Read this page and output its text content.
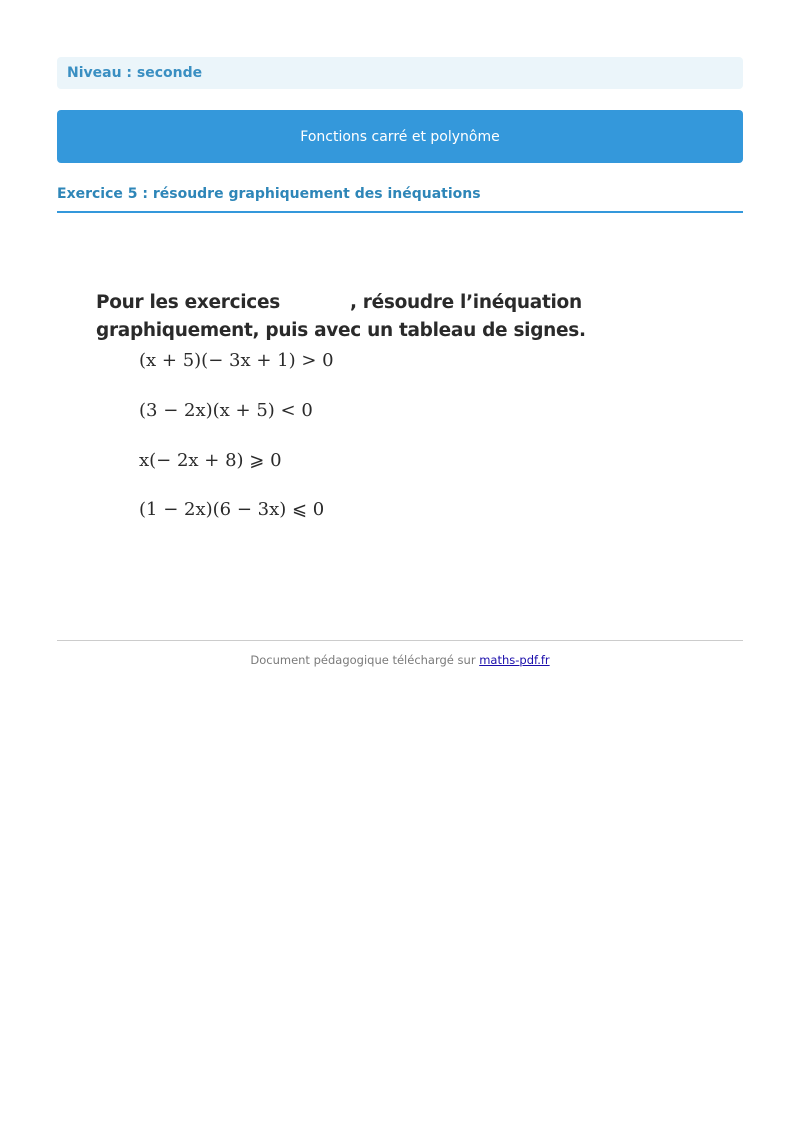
Niveau : seconde
Fonctions carré et polynôme
Exercice 5 : résoudre graphiquement des inéquations
Pour les exercices	, résoudre l’inéquation
graphiquement, puis avec un tableau de signes.
(x + 5)(− 3x + 1) > 0
(3 − 2x)(x + 5) < 0
x(− 2x + 8) ⩾ 0
(1 − 2x)(6 − 3x) ⩽ 0
Document pédagogique téléchargé sur maths-pdf.fr
